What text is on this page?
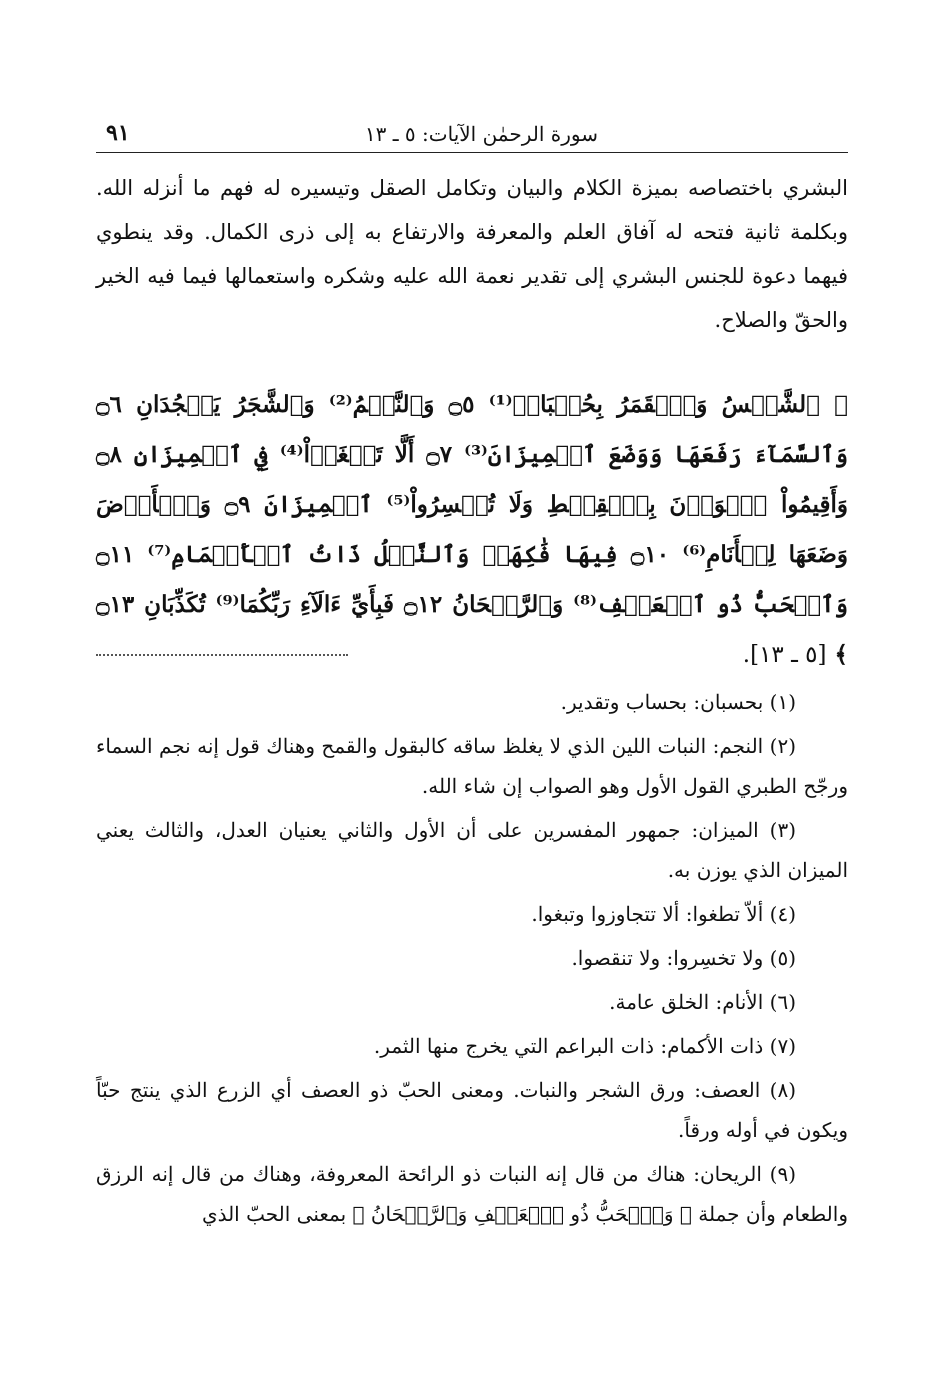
سورة الرحمٰن الآيات: ٥ ـ ١٣
٩١

البشري باختصاصه بميزة الكلام والبيان وتكامل الصقل وتيسيره له فهم ما أنزله الله. وبكلمة ثانية فتحه له آفاق العلم والمعرفة والارتفاع به إلى ذرى الكمال. وقد ينطوي فيهما دعوة للجنس البشري إلى تقدير نعمة الله عليه وشكره واستعمالها فيما فيه الخير والحقّ والصلاح.

﴿ ٱلشَّمۡسُ وَٱلۡقَمَرُ بِحُسۡبَانٖ⁽¹⁾ ۝٥ وَٱلنَّجۡمُ⁽²⁾ وَٱلشَّجَرُ يَسۡجُدَانِ ۝٦ وَٱلسَّمَآءَ رَفَعَهَا وَوَضَعَ ٱلۡمِيزَانَ⁽³⁾ ۝٧ أَلَّا تَطۡغَوۡاْ⁽⁴⁾ فِي ٱلۡمِيزَانِ ۝٨ وَأَقِيمُواْ ٱلۡوَزۡنَ بِٱلۡقِسۡطِ وَلَا تُخۡسِرُواْ⁽⁵⁾ ٱلۡمِيزَانَ ۝٩ وَٱلۡأَرۡضَ وَضَعَهَا لِلۡأَنَامِ⁽⁶⁾ ۝١٠ فِيهَا فَٰكِهَةٞ وَٱلنَّخۡلُ ذَاتُ ٱلۡأَكۡمَامِ⁽⁷⁾ ۝١١ وَٱلۡحَبُّ ذُو ٱلۡعَصۡفِ⁽⁸⁾ وَٱلرَّيۡحَانُ ۝١٢ فَبِأَيِّ ءَالَآءِ رَبِّكُمَا⁽⁹⁾ تُكَذِّبَانِ ۝١٣ ﴾ [٥ ـ ١٣].

(١) بحسبان: بحساب وتقدير.

(٢) النجم: النبات اللين الذي لا يغلظ ساقه كالبقول والقمح وهناك قول إنه نجم السماء ورجّح الطبري القول الأول وهو الصواب إن شاء الله.

(٣) الميزان: جمهور المفسرين على أن الأول والثاني يعنيان العدل، والثالث يعني الميزان الذي يوزن به.

(٤) ألاّ تطغوا: ألا تتجاوزوا وتبغوا.

(٥) ولا تخسِروا: ولا تنقصوا.

(٦) الأنام: الخلق عامة.

(٧) ذات الأكمام: ذات البراعم التي يخرج منها الثمر.

(٨) العصف: ورق الشجر والنبات. ومعنى الحبّ ذو العصف أي الزرع الذي ينتج حبّاً ويكون في أوله ورقاً.

(٩) الريحان: هناك من قال إنه النبات ذو الرائحة المعروفة، وهناك من قال إنه الرزق والطعام وأن جملة ﴿ وَٱلۡحَبُّ ذُو ٱلۡعَصۡفِ وَٱلرَّيۡحَانُ ﴾ بمعنى الحبّ الذي
